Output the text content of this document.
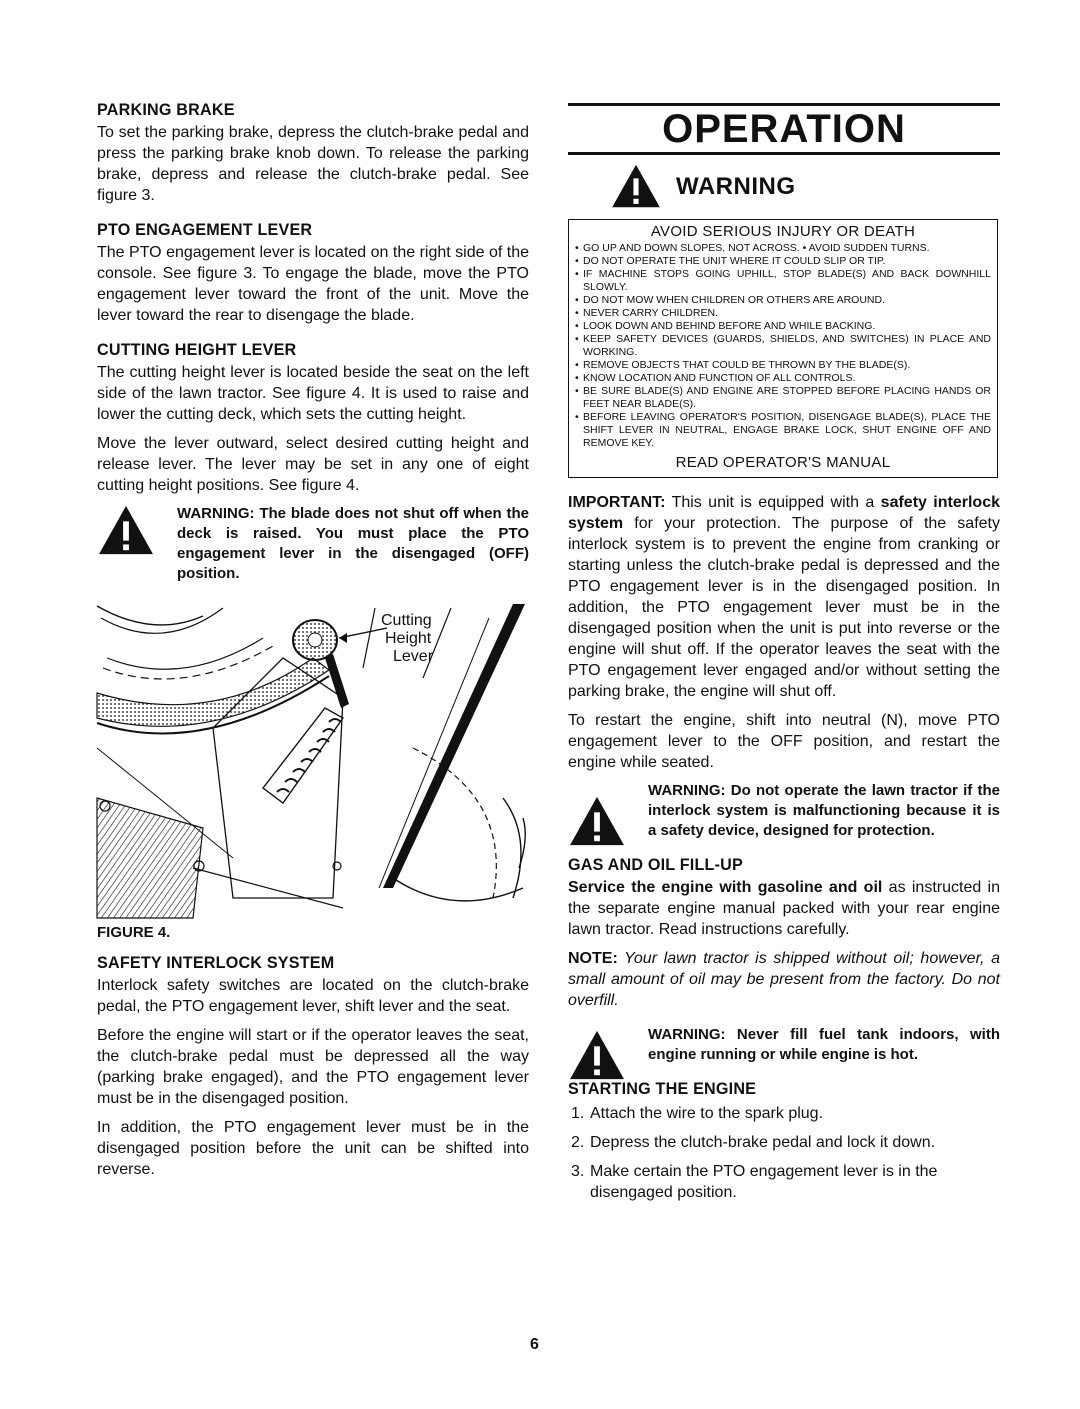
PARKING BRAKE

To set the parking brake, depress the clutch-brake pedal and press the parking brake knob down. To release the parking brake, depress and release the clutch-brake pedal. See figure 3.

PTO ENGAGEMENT LEVER

The PTO engagement lever is located on the right side of the console. See figure 3. To engage the blade, move the PTO engagement lever toward the front of the unit. Move the lever toward the rear to disengage the blade.

CUTTING HEIGHT LEVER

The cutting height lever is located beside the seat on the left side of the lawn tractor. See figure 4. It is used to raise and lower the cutting deck, which sets the cutting height.

Move the lever outward, select desired cutting height and release lever. The lever may be set in any one of eight cutting height positions. See figure 4.

WARNING: The blade does not shut off when the deck is raised. You must place the PTO engagement lever in the disengaged (OFF) position.

Cutting
Height
Lever
FIGURE 4.
SAFETY INTERLOCK SYSTEM

Interlock safety switches are located on the clutch-brake pedal, the PTO engagement lever, shift lever and the seat.

Before the engine will start or if the operator leaves the seat, the clutch-brake pedal must be depressed all the way (parking brake engaged), and the PTO engagement lever must be in the disengaged position.

In addition, the PTO engagement lever must be in the disengaged position before the unit can be shifted into reverse.

OPERATION
WARNING
AVOID SERIOUS INJURY OR DEATH
• GO UP AND DOWN SLOPES, NOT ACROSS. • AVOID SUDDEN TURNS.
• DO NOT OPERATE THE UNIT WHERE IT COULD SLIP OR TIP.
• IF MACHINE STOPS GOING UPHILL, STOP BLADE(S) AND BACK DOWNHILL SLOWLY.
• DO NOT MOW WHEN CHILDREN OR OTHERS ARE AROUND.
• NEVER CARRY CHILDREN.
• LOOK DOWN AND BEHIND BEFORE AND WHILE BACKING.
• KEEP SAFETY DEVICES (GUARDS, SHIELDS, AND SWITCHES) IN PLACE AND WORKING.
• REMOVE OBJECTS THAT COULD BE THROWN BY THE BLADE(S).
• KNOW LOCATION AND FUNCTION OF ALL CONTROLS.
• BE SURE BLADE(S) AND ENGINE ARE STOPPED BEFORE PLACING HANDS OR FEET NEAR BLADE(S).
• BEFORE LEAVING OPERATOR'S POSITION, DISENGAGE BLADE(S), PLACE THE SHIFT LEVER IN NEUTRAL, ENGAGE BRAKE LOCK, SHUT ENGINE OFF AND REMOVE KEY.
READ OPERATOR'S MANUAL

IMPORTANT: This unit is equipped with a safety interlock system for your protection. The purpose of the safety interlock system is to prevent the engine from cranking or starting unless the clutch-brake pedal is depressed and the PTO engagement lever is in the disengaged position. In addition, the PTO engagement lever must be in the disengaged position when the unit is put into reverse or the engine will shut off. If the operator leaves the seat with the PTO engagement lever engaged and/or without setting the parking brake, the engine will shut off.

To restart the engine, shift into neutral (N), move PTO engagement lever to the OFF position, and restart the engine while seated.

WARNING: Do not operate the lawn tractor if the interlock system is malfunctioning because it is a safety device, designed for protection.

GAS AND OIL FILL-UP

Service the engine with gasoline and oil as instructed in the separate engine manual packed with your rear engine lawn tractor. Read instructions carefully.

NOTE: Your lawn tractor is shipped without oil; however, a small amount of oil may be present from the factory. Do not overfill.

WARNING: Never fill fuel tank indoors, with engine running or while engine is hot.

STARTING THE ENGINE
1. Attach the wire to the spark plug.
2. Depress the clutch-brake pedal and lock it down.
3. Make certain the PTO engagement lever is in the disengaged position.
6
